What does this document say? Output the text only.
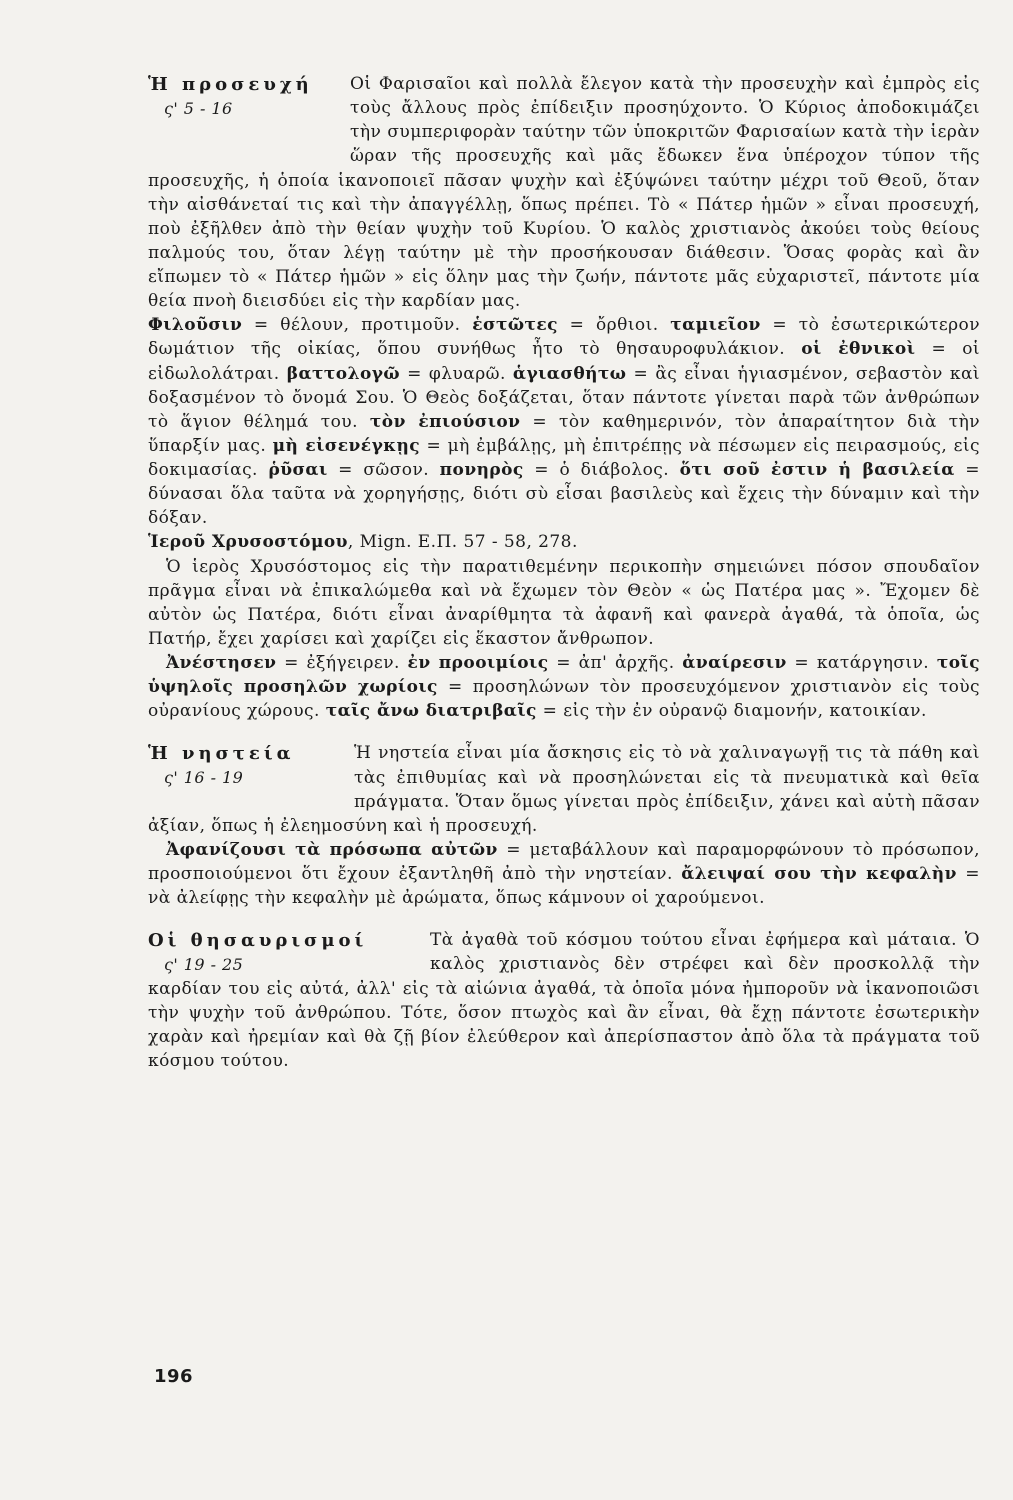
Ἡ προσευχή
ς' 5 - 16

Οἱ Φαρισαῖοι καὶ πολλὰ ἔλεγον κατὰ τὴν προσευχὴν καὶ ἐμπρὸς εἰς τοὺς ἄλλους πρὸς ἐπίδειξιν προσηύχοντο. Ὁ Κύριος ἀποδοκιμάζει τὴν συμπεριφορὰν ταύτην τῶν ὑποκριτῶν Φαρισαίων κατὰ τὴν ἱερὰν ὥραν τῆς προσευχῆς καὶ μᾶς ἔδωκεν ἕνα ὑπέροχον τύπον τῆς προσευχῆς, ἡ ὁποία ἱκανοποιεῖ πᾶσαν ψυχὴν καὶ ἐξύψώνει ταύτην μέχρι τοῦ Θεοῦ, ὅταν τὴν αἰσθάνεταί τις καὶ τὴν ἀπαγγέλλῃ, ὅπως πρέπει. Τὸ « Πάτερ ἡμῶν » εἶναι προσευχή, ποὺ ἐξῆλθεν ἀπὸ τὴν θείαν ψυχὴν τοῦ Κυρίου. Ὁ καλὸς χριστιανὸς ἀκούει τοὺς θείους παλμούς του, ὅταν λέγῃ ταύτην μὲ τὴν προσήκουσαν διάθεσιν. Ὅσας φορὰς καὶ ἂν εἴπωμεν τὸ « Πάτερ ἡμῶν » εἰς ὅλην μας τὴν ζωήν, πάντοτε μᾶς εὐχαριστεῖ, πάντοτε μία θεία πνοὴ διεισδύει εἰς τὴν καρδίαν μας.

Φιλοῦσιν = θέλουν, προτιμοῦν. ἑστῶτες = ὄρθιοι. ταμιεῖον = τὸ ἐσωτερικώτερον δωμάτιον τῆς οἰκίας, ὅπου συνήθως ἦτο τὸ θησαυροφυλάκιον. οἱ ἐθνικοὶ = οἱ εἰδωλολάτραι. βαττολογῶ = φλυαρῶ. ἁγιασθήτω = ἂς εἶναι ἡγιασμένον, σεβαστὸν καὶ δοξασμένον τὸ ὄνομά Σου. Ὁ Θεὸς δοξάζεται, ὅταν πάντοτε γίνεται παρὰ τῶν ἀνθρώπων τὸ ἅγιον θέλημά του. τὸν ἐπιούσιον = τὸν καθημερινόν, τὸν ἀπαραίτητον διὰ τὴν ὕπαρξίν μας. μὴ εἰσενέγκῃς = μὴ ἐμβάλῃς, μὴ ἐπιτρέπῃς νὰ πέσωμεν εἰς πειρασμούς, εἰς δοκιμασίας. ῥῦσαι = σῶσον. πονηρὸς = ὁ διάβολος. ὅτι σοῦ ἐστιν ἡ βασιλεία = δύνασαι ὅλα ταῦτα νὰ χορηγήσῃς, διότι σὺ εἶσαι βασιλεὺς καὶ ἔχεις τὴν δύναμιν καὶ τὴν δόξαν.

Ἱεροῦ Χρυσοστόμου, Mign. Ε.Π. 57 - 58, 278.

Ὁ ἱερὸς Χρυσόστομος εἰς τὴν παρατιθεμένην περικοπὴν σημειώνει πόσον σπουδαῖον πρᾶγμα εἶναι νὰ ἐπικαλώμεθα καὶ νὰ ἔχωμεν τὸν Θεὸν « ὡς Πατέρα μας ». Ἔχομεν δὲ αὐτὸν ὡς Πατέρα, διότι εἶναι ἀναρίθμητα τὰ ἀφανῆ καὶ φανερὰ ἀγαθά, τὰ ὁποῖα, ὡς Πατήρ, ἔχει χαρίσει καὶ χαρίζει εἰς ἕκαστον ἄνθρωπον.

Ἀνέστησεν = ἐξήγειρεν. ἐν προοιμίοις = ἀπ' ἀρχῆς. ἀναίρεσιν = κατάργησιν. τοῖς ὑψηλοῖς προσηλῶν χωρίοις = προσηλώνων τὸν προσευχόμενον χριστιανὸν εἰς τοὺς οὐρανίους χώρους. ταῖς ἄνω διατριβαῖς = εἰς τὴν ἐν οὐρανῷ διαμονήν, κατοικίαν.

Ἡ νηστεία
ς' 16 - 19

Ἡ νηστεία εἶναι μία ἄσκησις εἰς τὸ νὰ χαλιναγωγῇ τις τὰ πάθη καὶ τὰς ἐπιθυμίας καὶ νὰ προσηλώνεται εἰς τὰ πνευματικὰ καὶ θεῖα πράγματα. Ὅταν ὅμως γίνεται πρὸς ἐπίδειξιν, χάνει καὶ αὐτὴ πᾶσαν ἀξίαν, ὅπως ἡ ἐλεημοσύνη καὶ ἡ προσευχή.

Ἀφανίζουσι τὰ πρόσωπα αὐτῶν = μεταβάλλουν καὶ παραμορφώνουν τὸ πρόσωπον, προσποιούμενοι ὅτι ἔχουν ἐξαντληθῆ ἀπὸ τὴν νηστείαν. ἄλειψαί σου τὴν κεφαλὴν = νὰ ἀλείφῃς τὴν κεφαλὴν μὲ ἀρώματα, ὅπως κάμνουν οἱ χαρούμενοι.

Οἱ θησαυρισμοί
ς' 19 - 25

Τὰ ἀγαθὰ τοῦ κόσμου τούτου εἶναι ἐφήμερα καὶ μάταια. Ὁ καλὸς χριστιανὸς δὲν στρέφει καὶ δὲν προσκολλᾷ τὴν καρδίαν του εἰς αὐτά, ἀλλ' εἰς τὰ αἰώνια ἀγαθά, τὰ ὁποῖα μόνα ἠμποροῦν νὰ ἱκανοποιῶσι τὴν ψυχὴν τοῦ ἀνθρώπου. Τότε, ὅσον πτωχὸς καὶ ἂν εἶναι, θὰ ἔχῃ πάντοτε ἐσωτερικὴν χαρὰν καὶ ἠρεμίαν καὶ θὰ ζῇ βίον ἐλεύθερον καὶ ἀπερίσπαστον ἀπὸ ὅλα τὰ πράγματα τοῦ κόσμου τούτου.

196
